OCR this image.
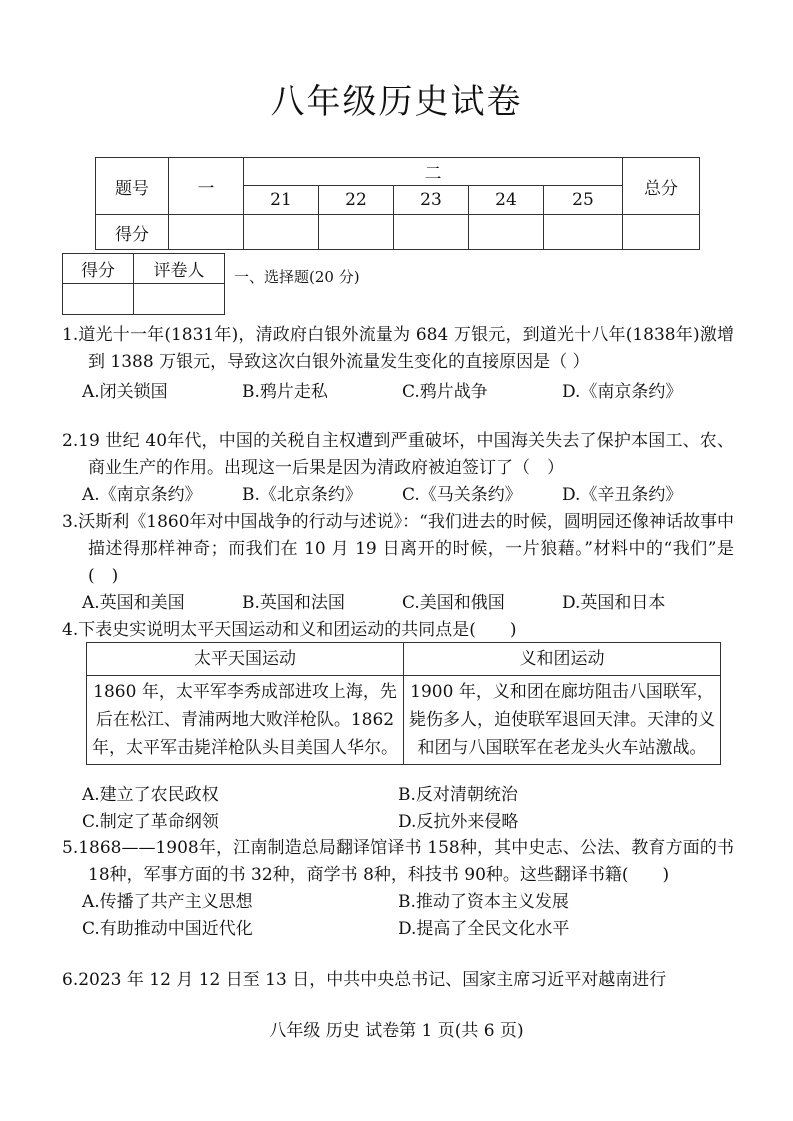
八年级历史试卷
题号	一	二					总分
		21	22	23	24	25	
得分							
得分	评卷人
	一、选择题(20 分)
1.道光十一年(1831年)，清政府白银外流量为 684 万银元，到道光十八年(1838年)激增到 1388 万银元，导致这次白银外流量发生变化的直接原因是（ ）
A.闭关锁国	B.鸦片走私	C.鸦片战争	D.《南京条约》
2.19 世纪 40年代，中国的关税自主权遭到严重破坏，中国海关失去了保护本国工、农、商业生产的作用。出现这一后果是因为清政府被迫签订了（　）
A.《南京条约》	B.《北京条约》	C.《马关条约》	D.《辛丑条约》
3.沃斯利《1860年对中国战争的行动与述说》：“我们进去的时候，圆明园还像神话故事中描述得那样神奇；而我们在 10 月 19 日离开的时候，一片狼藉。”材料中的“我们”是(　)
A.英国和美国	B.英国和法国	C.美国和俄国	D.英国和日本
4.下表史实说明太平天国运动和义和团运动的共同点是(　　)
太平天国运动	义和团运动
1860 年，太平军李秀成部进攻上海，先后在松江、青浦两地大败洋枪队。1862 年，太平军击毙洋枪队头目美国人华尔。	1900 年，义和团在廊坊阻击八国联军，毙伤多人，迫使联军退回天津。天津的义和团与八国联军在老龙头火车站激战。
A.建立了农民政权	B.反对清朝统治
C.制定了革命纲领	D.反抗外来侵略
5.1868——1908年，江南制造总局翻译馆译书 158种，其中史志、公法、教育方面的书 18种，军事方面的书 32种，商学书 8种，科技书 90种。这些翻译书籍(　　)
A.传播了共产主义思想	B.推动了资本主义发展
C.有助推动中国近代化	D.提高了全民文化水平
6.2023 年 12 月 12 日至 13 日，中共中央总书记、国家主席习近平对越南进行
八年级 历史 试卷第 1 页(共 6 页)
